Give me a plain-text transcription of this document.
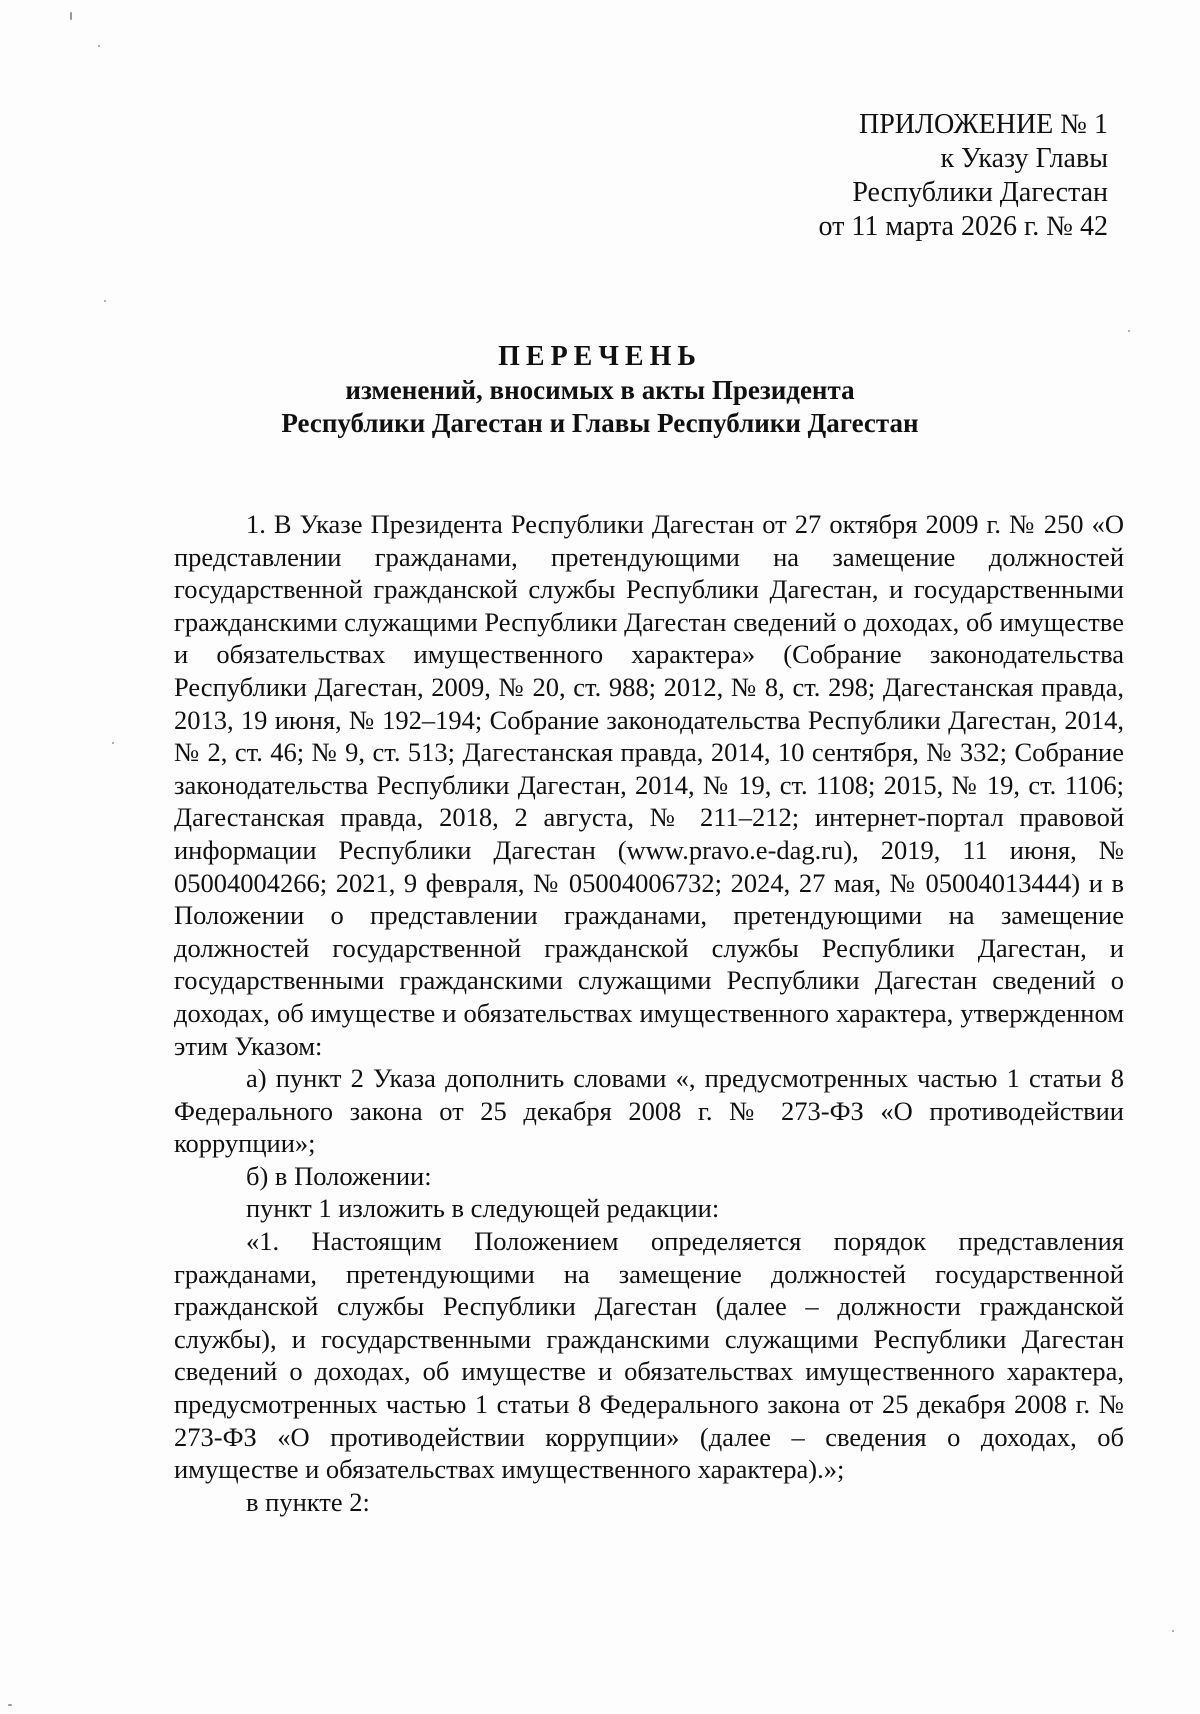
ПРИЛОЖЕНИЕ № 1
к Указу Главы
Республики Дагестан
от 11 марта 2026 г. № 42
ПЕРЕЧЕНЬ
изменений, вносимых в акты Президента
Республики Дагестан и Главы Республики Дагестан

1. В Указе Президента Республики Дагестан от 27 октября 2009 г. № 250 «О представлении гражданами, претендующими на замещение должностей государственной гражданской службы Республики Дагестан, и государственными гражданскими служащими Республики Дагестан сведений о доходах, об имуществе и обязательствах имущественного характера» (Собрание законодательства Республики Дагестан, 2009, № 20, ст. 988; 2012, № 8, ст. 298; Дагестанская правда, 2013, 19 июня, № 192–194; Собрание законодательства Республики Дагестан, 2014, № 2, ст. 46; № 9, ст. 513; Дагестанская правда, 2014, 10 сентября, № 332; Собрание законодательства Республики Дагестан, 2014, № 19, ст. 1108; 2015, № 19, ст. 1106; Дагестанская правда, 2018, 2 августа, № 211–212; интернет-портал правовой информации Республики Дагестан (www.pravo.e-dag.ru), 2019, 11 июня, № 05004004266; 2021, 9 февраля, № 05004006732; 2024, 27 мая, № 05004013444) и в Положении о представлении гражданами, претендующими на замещение должностей государственной гражданской службы Республики Дагестан, и государственными гражданскими служащими Республики Дагестан сведений о доходах, об имуществе и обязательствах имущественного характера, утвержденном этим Указом:

а) пункт 2 Указа дополнить словами «, предусмотренных частью 1 статьи 8 Федерального закона от 25 декабря 2008 г. № 273-ФЗ «О противодействии коррупции»;

б) в Положении:

пункт 1 изложить в следующей редакции:

«1. Настоящим Положением определяется порядок представления гражданами, претендующими на замещение должностей государственной гражданской службы Республики Дагестан (далее – должности гражданской службы), и государственными гражданскими служащими Республики Дагестан сведений о доходах, об имуществе и обязательствах имущественного характера, предусмотренных частью 1 статьи 8 Федерального закона от 25 декабря 2008 г. № 273-ФЗ «О противодействии коррупции» (далее – сведения о доходах, об имуществе и обязательствах имущественного характера).»;

в пункте 2:
